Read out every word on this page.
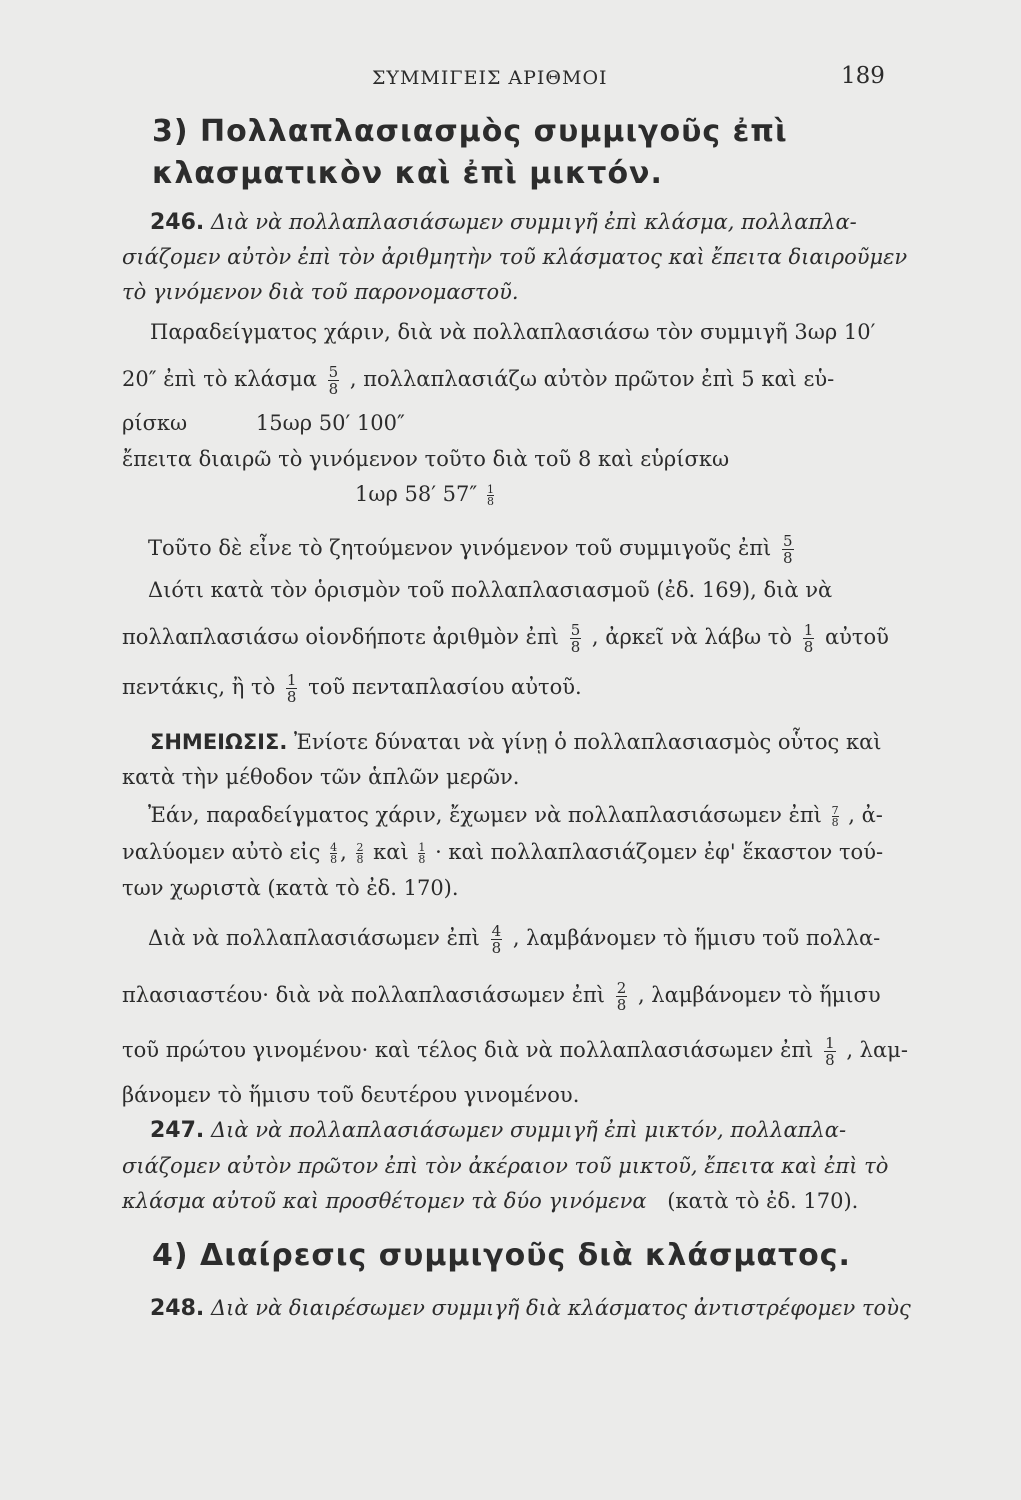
ΣΥΜΜΙΓΕΙΣ ΑΡΙΘΜΟΙ	189
3) Πολλαπλασιασμὸς συμμιγοῦς ἐπὶ
κλασματικὸν καὶ ἐπὶ μικτόν.
246. Διὰ νὰ πολλαπλασιάσωμεν συμμιγῆ ἐπὶ κλάσμα, πολλαπλα-
σιάζομεν αὐτὸν ἐπὶ τὸν ἀριθμητὴν τοῦ κλάσματος καὶ ἔπειτα διαιροῦμεν
τὸ γινόμενον διὰ τοῦ παρονομαστοῦ.
Παραδείγματος χάριν, διὰ νὰ πολλαπλασιάσω τὸν συμμιγῆ 3ωρ 10′
20″ ἐπὶ τὸ κλάσμα $\frac{5}{8}$ , πολλαπλασιάζω αὐτὸν πρῶτον ἐπὶ 5 καὶ εὑ-
ρίσκω	15ωρ 50′ 100″
ἔπειτα διαιρῶ τὸ γινόμενον τοῦτο διὰ τοῦ 8 καὶ εὑρίσκω
1ωρ 58′ $57'' \frac{1}{8}$
Τοῦτο δὲ εἶνε τὸ ζητούμενον γινόμενον τοῦ συμμιγοῦς ἐπὶ $\frac{5}{8}$
Διότι κατὰ τὸν ὁρισμὸν τοῦ πολλαπλασιασμοῦ (ἐδ. 169), διὰ νὰ
πολλαπλασιάσω οἱονδήποτε ἀριθμὸν ἐπὶ $\frac{5}{8}$ , ἀρκεῖ νὰ λάβω τὸ $\frac{1}{8}$ αὐτοῦ
πεντάκις, ἢ τὸ $\frac{1}{8}$ τοῦ πενταπλασίου αὐτοῦ.
ΣΗΜΕΙΩΣΙΣ. Ἐνίοτε δύναται νὰ γίνῃ ὁ πολλαπλασιασμὸς οὗτος καὶ
κατὰ τὴν μέθοδον τῶν ἁπλῶν μερῶν.
Ἐάν, παραδείγματος χάριν, ἔχωμεν νὰ πολλαπλασιάσωμεν ἐπὶ $\frac{7}{8}$ , ἀ-
ναλύομεν αὐτὸ εἰς $\frac{4}{8}$ , $\frac{2}{8}$ καὶ $\frac{1}{8}$ · καὶ πολλαπλασιάζομεν ἐφ' ἕκαστον τού-
των χωριστὰ (κατὰ τὸ ἐδ. 170).
Διὰ νὰ πολλαπλασιάσωμεν ἐπὶ $\frac{4}{8}$ , λαμβάνομεν τὸ ἥμισυ τοῦ πολλα-
πλασιαστέου· διὰ νὰ πολλαπλασιάσωμεν ἐπὶ $\frac{2}{8}$ , λαμβάνομεν τὸ ἥμισυ
τοῦ πρώτου γινομένου· καὶ τέλος διὰ νὰ πολλαπλασιάσωμεν ἐπὶ $\frac{1}{8}$ , λαμ-
βάνομεν τὸ ἥμισυ τοῦ δευτέρου γινομένου.
247. Διὰ νὰ πολλαπλασιάσωμεν συμμιγῆ ἐπὶ μικτόν, πολλαπλα-
σιάζομεν αὐτὸν πρῶτον ἐπὶ τὸν ἀκέραιον τοῦ μικτοῦ, ἔπειτα καὶ ἐπὶ τὸ
κλάσμα αὐτοῦ καὶ προσθέτομεν τὰ δύο γινόμενα (κατὰ τὸ ἐδ. 170).
4) Διαίρεσις συμμιγοῦς διὰ κλάσματος.
248. Διὰ νὰ διαιρέσωμεν συμμιγῆ διὰ κλάσματος ἀντιστρέφομεν τοὺς
